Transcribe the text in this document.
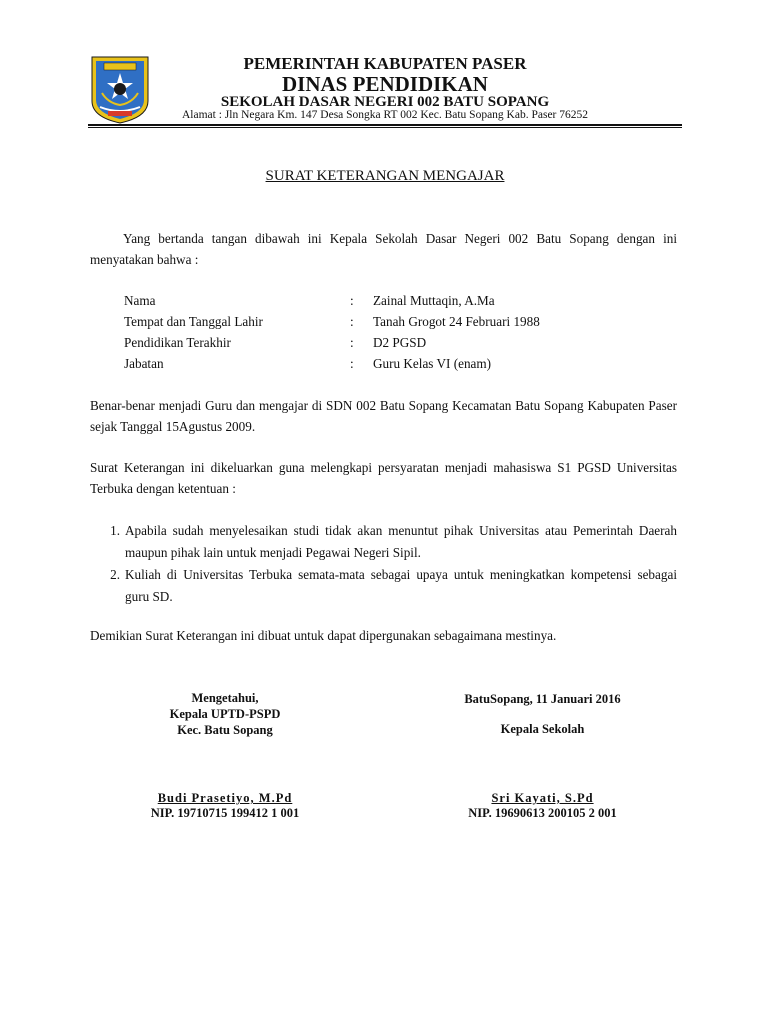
PEMERINTAH KABUPATEN PASER
DINAS PENDIDIKAN
SEKOLAH DASAR NEGERI 002 BATU SOPANG
Alamat : Jln Negara Km. 147 Desa Songka RT 002 Kec. Batu Sopang Kab. Paser 76252
SURAT KETERANGAN MENGAJAR
Yang bertanda tangan dibawah ini Kepala Sekolah Dasar Negeri 002 Batu Sopang dengan ini menyatakan bahwa :
Nama	: Zainal Muttaqin, A.Ma
Tempat dan Tanggal Lahir	: Tanah Grogot 24 Februari 1988
Pendidikan Terakhir	: D2 PGSD
Jabatan	: Guru Kelas VI (enam)
Benar-benar menjadi Guru dan mengajar di SDN 002 Batu Sopang Kecamatan Batu Sopang Kabupaten Paser sejak Tanggal 15Agustus 2009.
Surat Keterangan ini dikeluarkan guna melengkapi persyaratan menjadi mahasiswa S1 PGSD Universitas Terbuka dengan ketentuan :
1. Apabila sudah menyelesaikan studi tidak akan menuntut pihak Universitas atau Pemerintah Daerah maupun pihak lain untuk menjadi Pegawai Negeri Sipil.
2. Kuliah di Universitas Terbuka semata-mata sebagai upaya untuk meningkatkan kompetensi sebagai guru SD.
Demikian Surat Keterangan ini dibuat untuk dapat dipergunakan sebagaimana mestinya.
Mengetahui,
Kepala UPTD-PSPD
Kec. Batu Sopang
Budi Prasetiyo, M.Pd
NIP. 19710715 199412 1 001
BatuSopang, 11 Januari 2016
Kepala Sekolah
Sri Kayati, S.Pd
NIP. 19690613 200105 2 001
